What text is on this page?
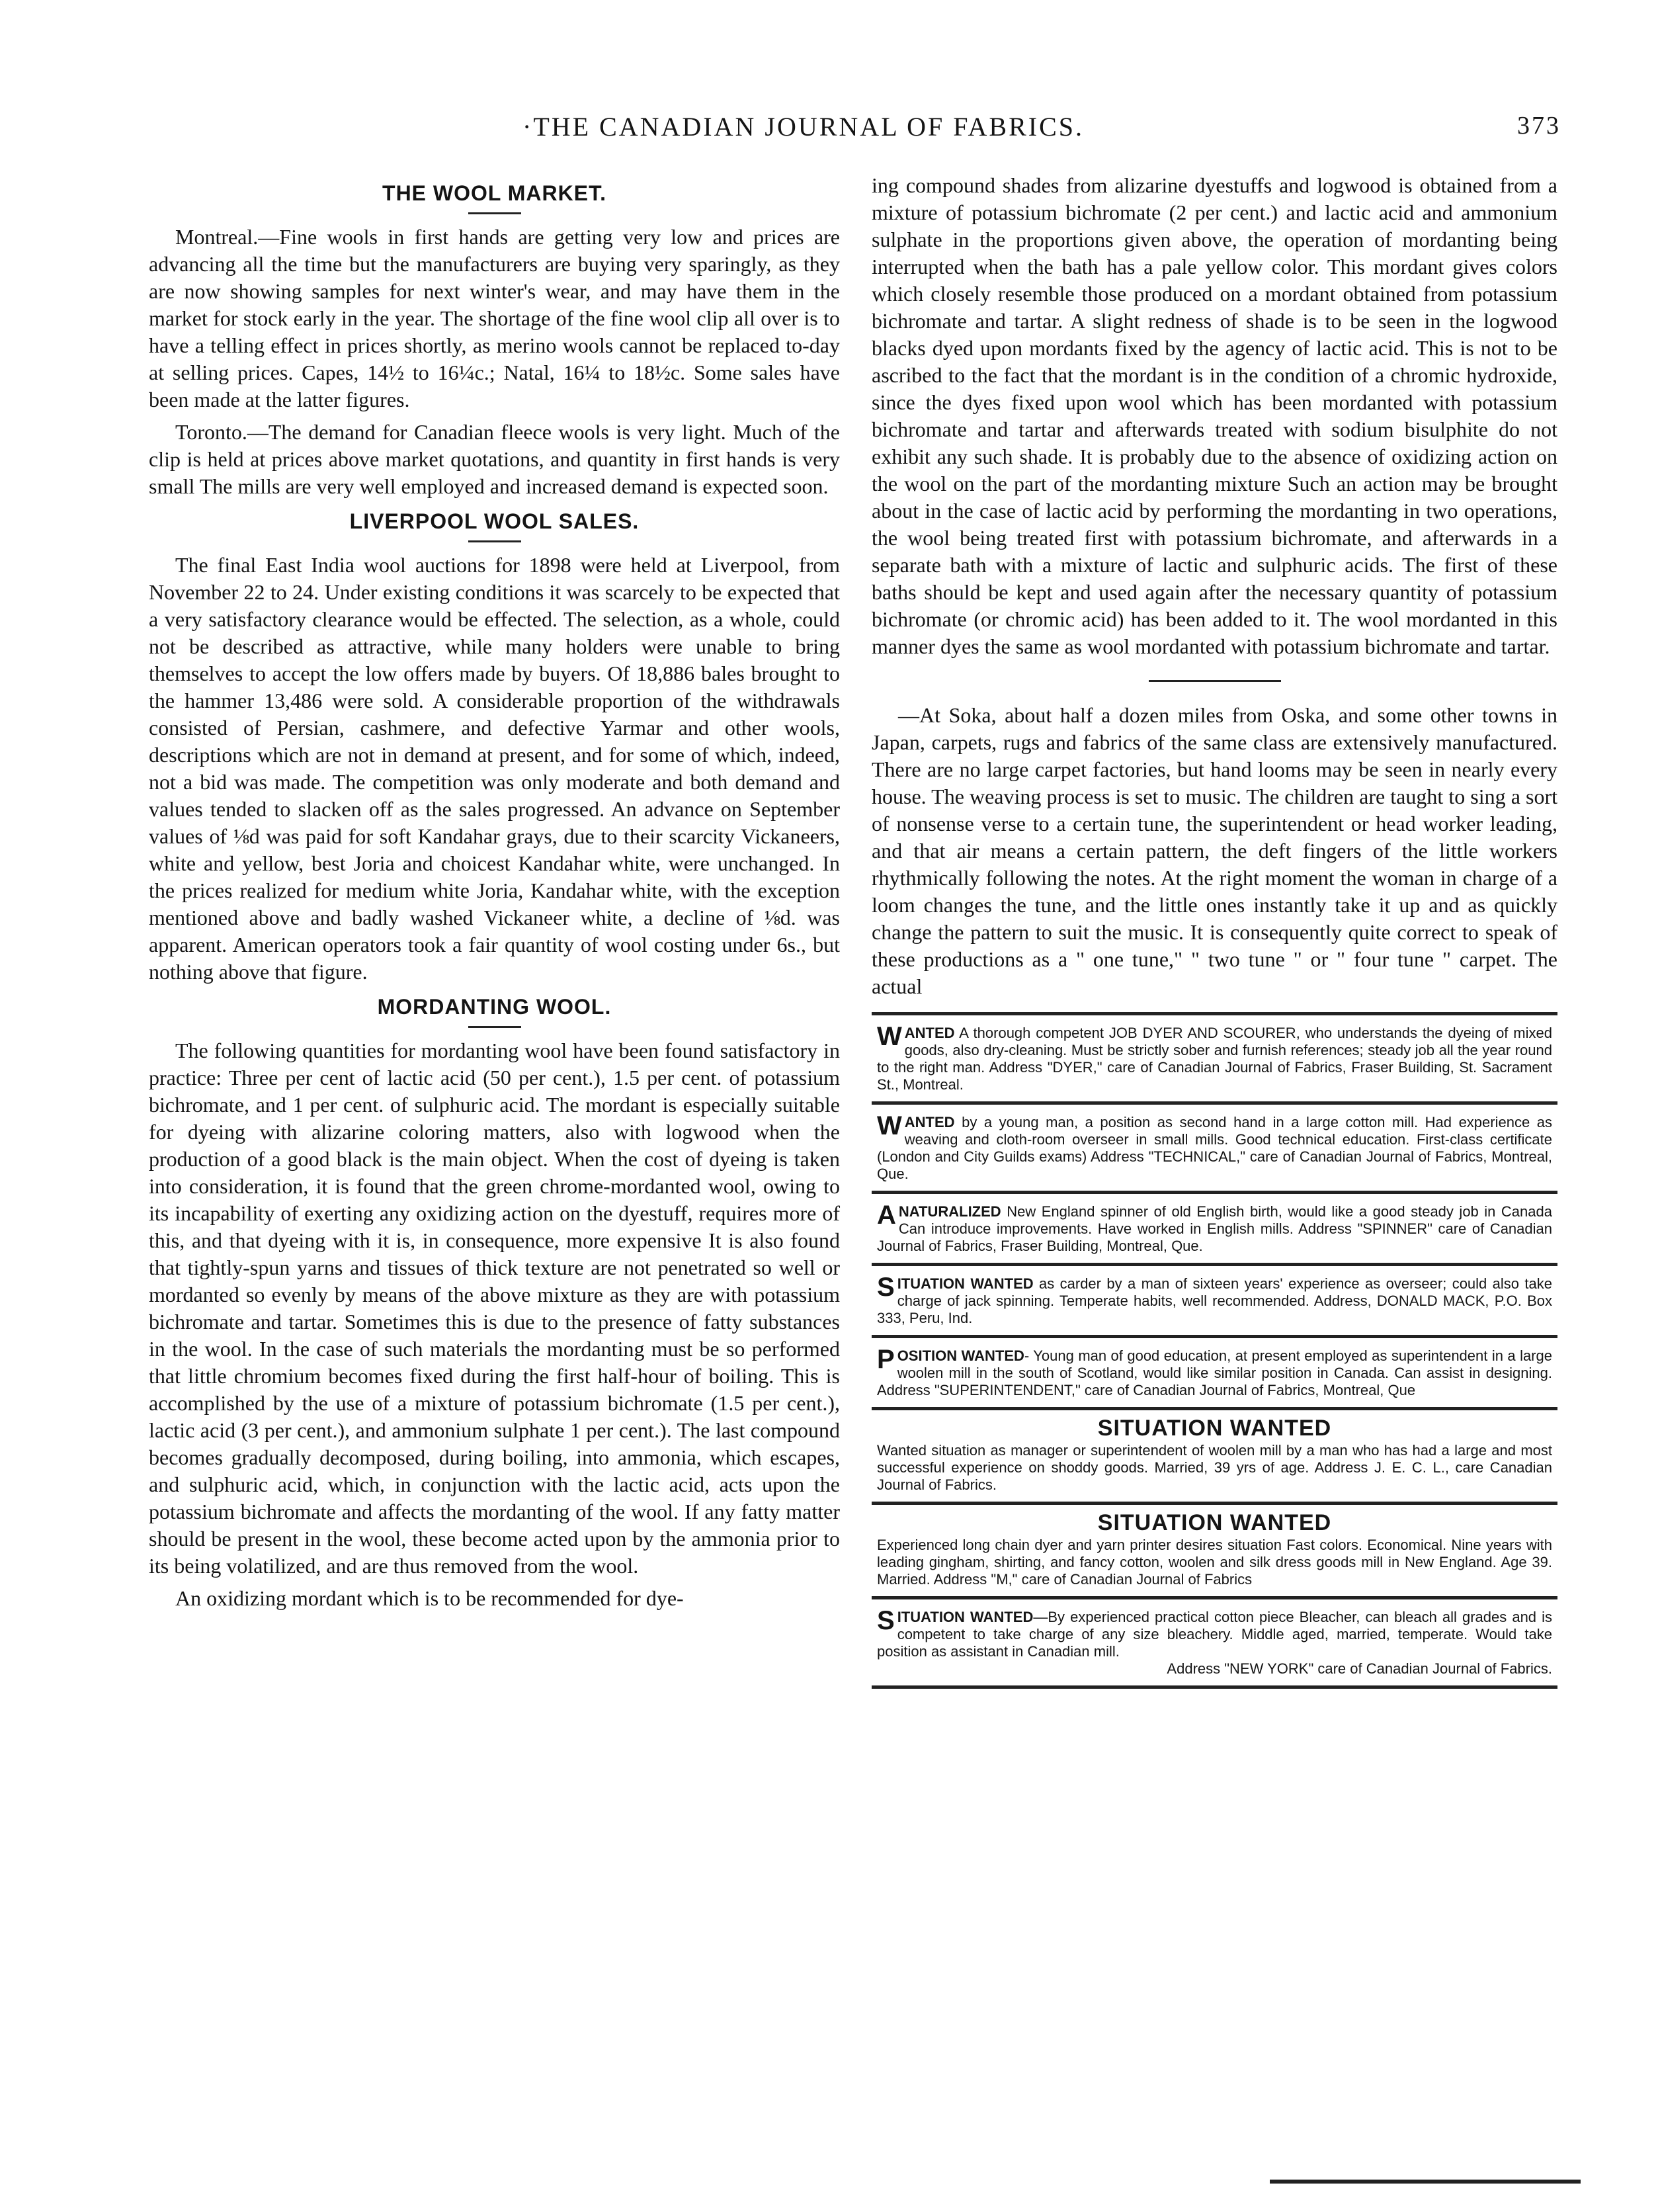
·THE CANADIAN JOURNAL OF FABRICS.	373
THE WOOL MARKET.

Montreal.—Fine wools in first hands are getting very low and prices are advancing all the time but the manufacturers are buying very sparingly, as they are now showing samples for next winter's wear, and may have them in the market for stock early in the year. The shortage of the fine wool clip all over is to have a telling effect in prices shortly, as merino wools cannot be replaced to-day at selling prices. Capes, 14½ to 16¼c.; Natal, 16¼ to 18½c. Some sales have been made at the latter figures.

Toronto.—The demand for Canadian fleece wools is very light. Much of the clip is held at prices above market quotations, and quantity in first hands is very small The mills are very well employed and increased demand is expected soon.

LIVERPOOL WOOL SALES.

The final East India wool auctions for 1898 were held at Liverpool, from November 22 to 24. Under existing conditions it was scarcely to be expected that a very satisfactory clearance would be effected. The selection, as a whole, could not be described as attractive, while many holders were unable to bring themselves to accept the low offers made by buyers. Of 18,886 bales brought to the hammer 13,486 were sold. A considerable proportion of the withdrawals consisted of Persian, cashmere, and defective Yarmar and other wools, descriptions which are not in demand at present, and for some of which, indeed, not a bid was made. The competition was only moderate and both demand and values tended to slacken off as the sales progressed. An advance on September values of ⅛d was paid for soft Kandahar grays, due to their scarcity Vickaneers, white and yellow, best Joria and choicest Kandahar white, were unchanged. In the prices realized for medium white Joria, Kandahar white, with the exception mentioned above and badly washed Vickaneer white, a decline of ⅛d. was apparent. American operators took a fair quantity of wool costing under 6s., but nothing above that figure.

MORDANTING WOOL.

The following quantities for mordanting wool have been found satisfactory in practice: Three per cent of lactic acid (50 per cent.), 1.5 per cent. of potassium bichromate, and 1 per cent. of sulphuric acid. The mordant is especially suitable for dyeing with alizarine coloring matters, also with logwood when the production of a good black is the main object. When the cost of dyeing is taken into consideration, it is found that the green chrome-mordanted wool, owing to its incapability of exerting any oxidizing action on the dyestuff, requires more of this, and that dyeing with it is, in consequence, more expensive It is also found that tightly-spun yarns and tissues of thick texture are not penetrated so well or mordanted so evenly by means of the above mixture as they are with potassium bichromate and tartar. Sometimes this is due to the presence of fatty substances in the wool. In the case of such materials the mordanting must be so performed that little chromium becomes fixed during the first half-hour of boiling. This is accomplished by the use of a mixture of potassium bichromate (1.5 per cent.), lactic acid (3 per cent.), and ammonium sulphate 1 per cent.). The last compound becomes gradually decomposed, during boiling, into ammonia, which escapes, and sulphuric acid, which, in conjunction with the lactic acid, acts upon the potassium bichromate and affects the mordanting of the wool. If any fatty matter should be present in the wool, these become acted upon by the ammonia prior to its being volatilized, and are thus removed from the wool.

An oxidizing mordant which is to be recommended for dye-

ing compound shades from alizarine dyestuffs and logwood is obtained from a mixture of potassium bichromate (2 per cent.) and lactic acid and ammonium sulphate in the proportions given above, the operation of mordanting being interrupted when the bath has a pale yellow color. This mordant gives colors which closely resemble those produced on a mordant obtained from potassium bichromate and tartar. A slight redness of shade is to be seen in the logwood blacks dyed upon mordants fixed by the agency of lactic acid. This is not to be ascribed to the fact that the mordant is in the condition of a chromic hydroxide, since the dyes fixed upon wool which has been mordanted with potassium bichromate and tartar and afterwards treated with sodium bisulphite do not exhibit any such shade. It is probably due to the absence of oxidizing action on the wool on the part of the mordanting mixture Such an action may be brought about in the case of lactic acid by performing the mordanting in two operations, the wool being treated first with potassium bichromate, and afterwards in a separate bath with a mixture of lactic and sulphuric acids. The first of these baths should be kept and used again after the necessary quantity of potassium bichromate (or chromic acid) has been added to it. The wool mordanted in this manner dyes the same as wool mordanted with potassium bichromate and tartar.

—At Soka, about half a dozen miles from Oska, and some other towns in Japan, carpets, rugs and fabrics of the same class are extensively manufactured. There are no large carpet factories, but hand looms may be seen in nearly every house. The weaving process is set to music. The children are taught to sing a sort of nonsense verse to a certain tune, the superintendent or head worker leading, and that air means a certain pattern, the deft fingers of the little workers rhythmically following the notes. At the right moment the woman in charge of a loom changes the tune, and the little ones instantly take it up and as quickly change the pattern to suit the music. It is consequently quite correct to speak of these productions as a " one tune," " two tune " or " four tune " carpet. The actual

WANTED A thorough competent JOB DYER AND SCOURER, who understands the dyeing of mixed goods, also dry-cleaning. Must be strictly sober and furnish references; steady job all the year round to the right man. Address "DYER," care of Canadian Journal of Fabrics, Fraser Building, St. Sacrament St., Montreal.
WANTED by a young man, a position as second hand in a large cotton mill. Had experience as weaving and cloth-room overseer in small mills. Good technical education. First-class certificate (London and City Guilds exams) Address "TECHNICAL," care of Canadian Journal of Fabrics, Montreal, Que.
A NATURALIZED New England spinner of old English birth, would like a good steady job in Canada Can introduce improvements. Have worked in English mills. Address "SPINNER" care of Canadian Journal of Fabrics, Fraser Building, Montreal, Que.
SITUATION WANTED as carder by a man of sixteen years' experience as overseer; could also take charge of jack spinning. Temperate habits, well recommended. Address, DONALD MACK, P.O. Box 333, Peru, Ind.
POSITION WANTED- Young man of good education, at present employed as superintendent in a large woolen mill in the south of Scotland, would like similar position in Canada. Can assist in designing. Address "SUPERINTENDENT," care of Canadian Journal of Fabrics, Montreal, Que
SITUATION WANTED
Wanted situation as manager or superintendent of woolen mill by a man who has had a large and most successful experience on shoddy goods. Married, 39 yrs of age. Address J. E. C. L., care Canadian Journal of Fabrics.
SITUATION WANTED
Experienced long chain dyer and yarn printer desires situation Fast colors. Economical. Nine years with leading gingham, shirting, and fancy cotton, woolen and silk dress goods mill in New England. Age 39. Married. Address "M," care of Canadian Journal of Fabrics
SITUATION WANTED—By experienced practical cotton piece Bleacher, can bleach all grades and is competent to take charge of any size bleachery. Middle aged, married, temperate. Would take position as assistant in Canadian mill.
Address "NEW YORK" care of Canadian Journal of Fabrics.
